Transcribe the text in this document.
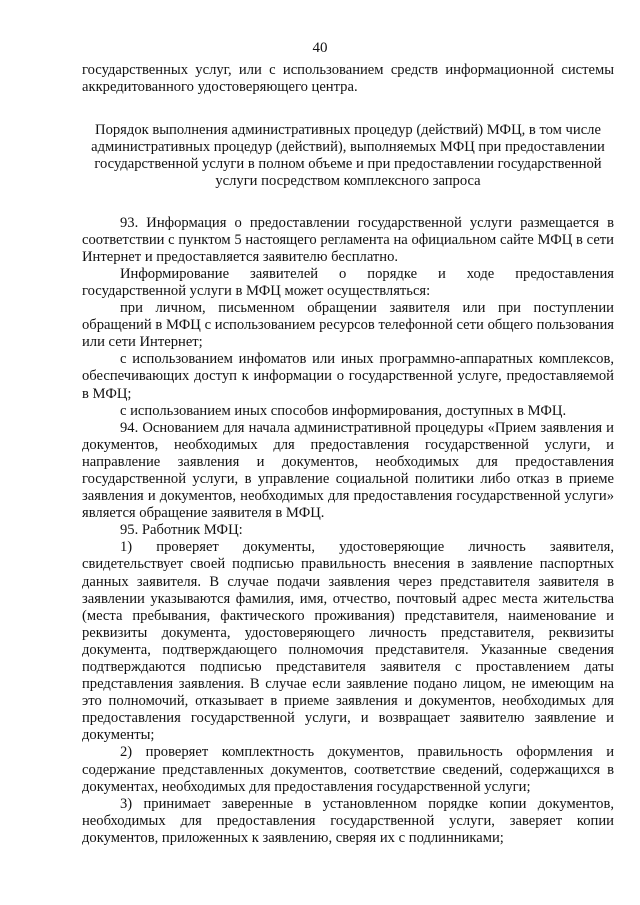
40

государственных услуг, или с использованием средств информационной системы аккредитованного удостоверяющего центра.

Порядок выполнения административных процедур (действий) МФЦ, в том числе административных процедур (действий), выполняемых МФЦ при предоставлении государственной услуги в полном объеме и при предоставлении государственной услуги посредством комплексного запроса

93. Информация о предоставлении государственной услуги размещается в соответствии с пунктом 5 настоящего регламента на официальном сайте МФЦ в сети Интернет и предоставляется заявителю бесплатно.

Информирование заявителей о порядке и ходе предоставления государственной услуги в МФЦ может осуществляться:

при личном, письменном обращении заявителя или при поступлении обращений в МФЦ с использованием ресурсов телефонной сети общего пользования или сети Интернет;

с использованием инфоматов или иных программно-аппаратных комплексов, обеспечивающих доступ к информации о государственной услуге, предоставляемой в МФЦ;

с использованием иных способов информирования, доступных в МФЦ.

94. Основанием для начала административной процедуры «Прием заявления и документов, необходимых для предоставления государственной услуги, и направление заявления и документов, необходимых для предоставления государственной услуги, в управление социальной политики либо отказ в приеме заявления и документов, необходимых для предоставления государственной услуги» является обращение заявителя в МФЦ.

95. Работник МФЦ:

1) проверяет документы, удостоверяющие личность заявителя, свидетельствует своей подписью правильность внесения в заявление паспортных данных заявителя. В случае подачи заявления через представителя заявителя в заявлении указываются фамилия, имя, отчество, почтовый адрес места жительства (места пребывания, фактического проживания) представителя, наименование и реквизиты документа, удостоверяющего личность представителя, реквизиты документа, подтверждающего полномочия представителя. Указанные сведения подтверждаются подписью представителя заявителя с проставлением даты представления заявления. В случае если заявление подано лицом, не имеющим на это полномочий, отказывает в приеме заявления и документов, необходимых для предоставления государственной услуги, и возвращает заявителю заявление и документы;

2) проверяет комплектность документов, правильность оформления и содержание представленных документов, соответствие сведений, содержащихся в документах, необходимых для предоставления государственной услуги;

3) принимает заверенные в установленном порядке копии документов, необходимых для предоставления государственной услуги, заверяет копии документов, приложенных к заявлению, сверяя их с подлинниками;
